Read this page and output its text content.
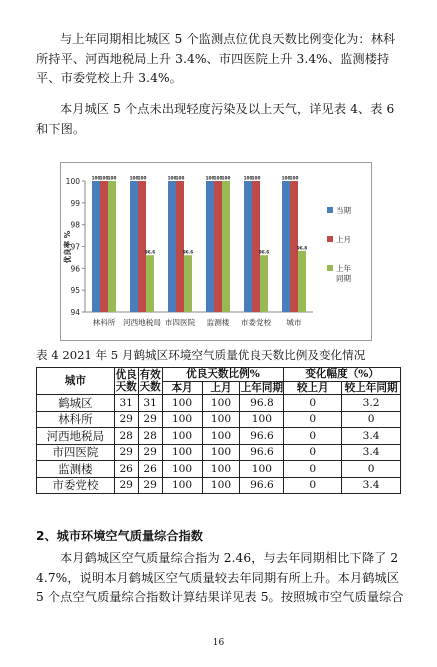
与上年同期相比城区 5 个监测点位优良天数比例变化为：林科所持平、河西地税局上升 3.4%、市四医院上升 3.4%、监测楼持平、市委党校上升 3.4%。

本月城区 5 个点未出现轻度污染及以上天气，详见表 4、表 6 和下图。

94
95
96
97
98
99
100
优良率 %
100 100 100
林科所
100 100
96.6
河西地税局
100 100
96.6
市四医院
100 100 100
监测楼
100 100
96.6
市委党校
100 100
96.8
城市
当期
上月
上年同期

表 4 2021 年 5 月鹤城区环境空气质量优良天数比例及变化情况

城市	优良天数	有效天数	优良天数比例%			变化幅度（%）	
			本月	上月	上年同期	较上月	较上年同期
鹤城区	31	31	100	100	96.8	0	3.2
林科所	29	29	100	100	100	0	0
河西地税局	28	28	100	100	96.6	0	3.4
市四医院	29	29	100	100	96.6	0	3.4
监测楼	26	26	100	100	100	0	0
市委党校	29	29	100	100	96.6	0	3.4

2、城市环境空气质量综合指数

本月鹤城区空气质量综合指为 2.46，与去年同期相比下降了 24.7%，说明本月鹤城区空气质量较去年同期有所上升。本月鹤城区 5 个点空气质量综合指数计算结果详见表 5。按照城市空气质量综合

16
